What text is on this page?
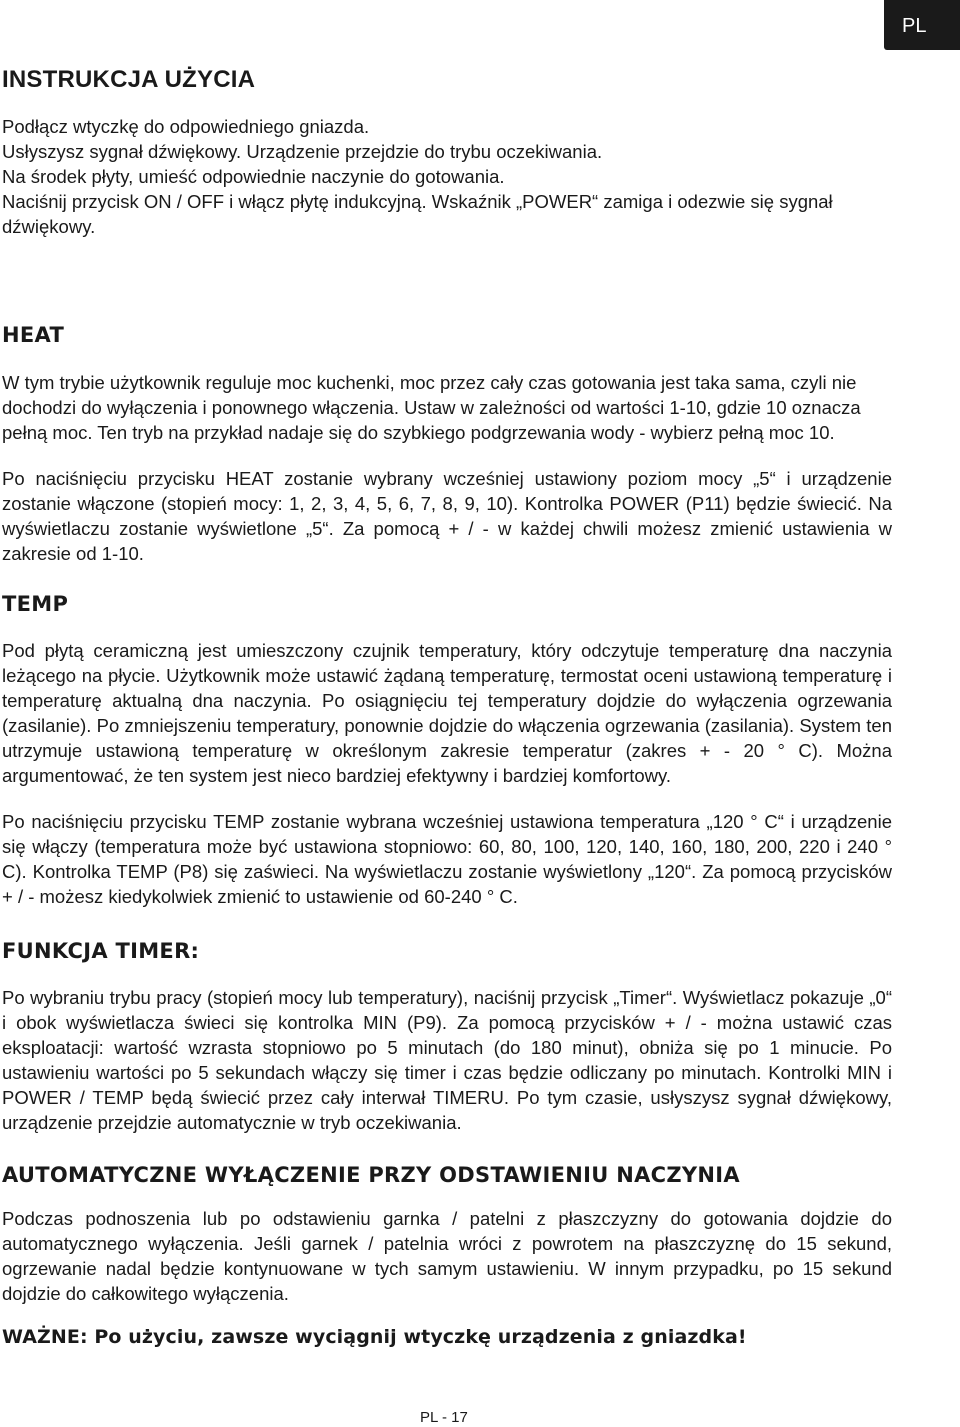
PL
INSTRUKCJA UŻYCIA

Podłącz wtyczkę do odpowiedniego gniazda.

Usłyszysz sygnał dźwiękowy. Urządzenie przejdzie do trybu oczekiwania.

Na środek płyty, umieść odpowiednie naczynie do gotowania.

Naciśnij przycisk ON / OFF i włącz płytę indukcyjną. Wskaźnik „POWER“ zamiga i odezwie się sygnał dźwiękowy.

HEAT

W tym trybie użytkownik reguluje moc kuchenki, moc przez cały czas gotowania jest taka sama, czyli nie dochodzi do wyłączenia i ponownego włączenia. Ustaw w zależności od wartości 1-10, gdzie 10 oznacza pełną moc. Ten tryb na przykład nadaje się do szybkiego podgrzewania wody - wybierz pełną moc 10.

Po naciśnięciu przycisku HEAT zostanie wybrany wcześniej ustawiony poziom mocy „5“ i urządzenie zostanie włączone (stopień mocy: 1, 2, 3, 4, 5, 6, 7, 8, 9, 10). Kontrolka POWER (P11) będzie świecić. Na wyświetlaczu zostanie wyświetlone „5“. Za pomocą + / - w każdej chwili możesz zmienić ustawienia w zakresie od 1-10.

TEMP

Pod płytą ceramiczną jest umieszczony czujnik temperatury, który odczytuje temperaturę dna naczynia leżącego na płycie. Użytkownik może ustawić żądaną temperaturę, termostat oceni ustawioną temperaturę i temperaturę aktualną dna naczynia. Po osiągnięciu tej temperatury dojdzie do wyłączenia ogrzewania (zasilanie). Po zmniejszeniu temperatury, ponownie dojdzie do włączenia ogrzewania (zasilania). System ten utrzymuje ustawioną temperaturę w określonym zakresie temperatur (zakres + - 20 ° C). Można argumentować, że ten system jest nieco bardziej efektywny i bardziej komfortowy.

Po naciśnięciu przycisku TEMP zostanie wybrana wcześniej ustawiona temperatura „120 ° C“ i urządzenie się włączy (temperatura może być ustawiona stopniowo: 60, 80, 100, 120, 140, 160, 180, 200, 220 i 240 ° C). Kontrolka TEMP (P8) się zaświeci. Na wyświetlaczu zostanie wyświetlony „120“. Za pomocą przycisków + / - możesz kiedykolwiek zmienić to ustawienie od 60-240 ° C.

FUNKCJA TIMER:

Po wybraniu trybu pracy (stopień mocy lub temperatury), naciśnij przycisk „Timer“. Wyświetlacz pokazuje „0“ i obok wyświetlacza świeci się kontrolka MIN (P9). Za pomocą przycisków + / - można ustawić czas eksploatacji: wartość wzrasta stopniowo po 5 minutach (do 180 minut), obniża się po 1 minucie. Po ustawieniu wartości po 5 sekundach włączy się timer i czas będzie odliczany po minutach. Kontrolki MIN i POWER / TEMP będą świecić przez cały interwał TIMERU. Po tym czasie, usłyszysz sygnał dźwiękowy, urządzenie przejdzie automatycznie w tryb oczekiwania.

AUTOMATYCZNE WYŁĄCZENIE PRZY ODSTAWIENIU NACZYNIA

Podczas podnoszenia lub po odstawieniu garnka / patelni z płaszczyzny do gotowania dojdzie do automatycznego wyłączenia. Jeśli garnek / patelnia wróci z powrotem na płaszczyznę do 15 sekund, ogrzewanie nadal będzie kontynuowane w tych samym ustawieniu. W innym przypadku, po 15 sekund dojdzie do całkowitego wyłączenia.

WAŻNE: Po użyciu, zawsze wyciągnij wtyczkę urządzenia z gniazdka!

PL - 17
